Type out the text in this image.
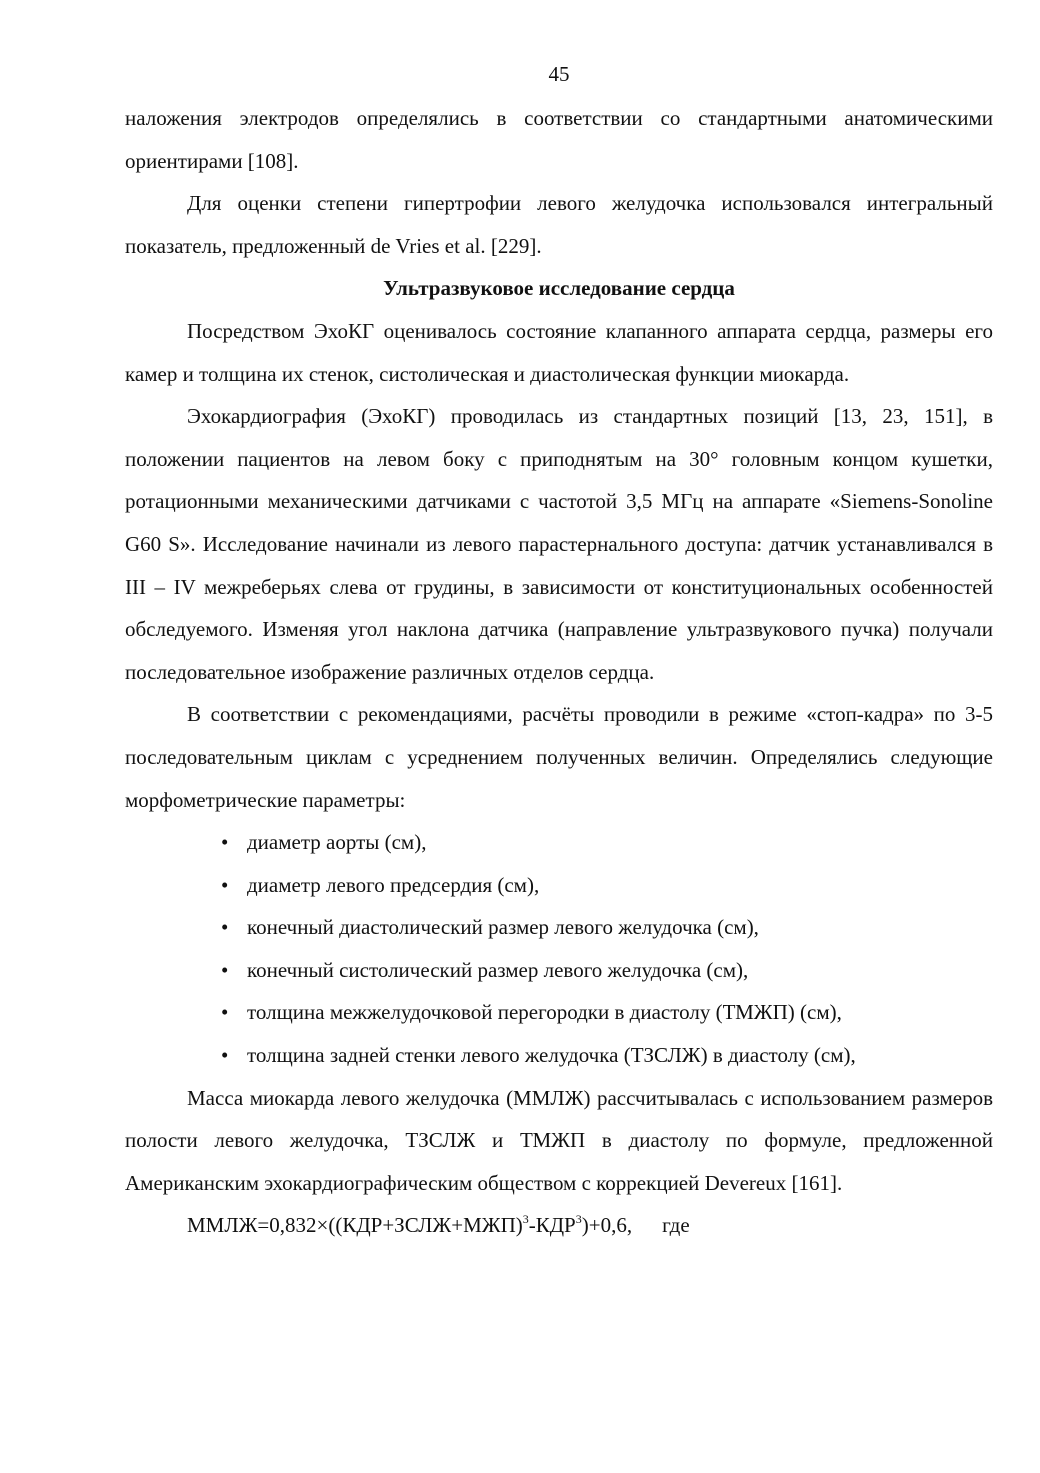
45

наложения электродов определялись в соответствии со стандартными анатомическими ориентирами [108].

Для оценки степени гипертрофии левого желудочка использовался интегральный показатель, предложенный de Vries et al. [229].

Ультразвуковое исследование сердца

Посредством ЭхоКГ оценивалось состояние клапанного аппарата сердца, размеры его камер и толщина их стенок, систолическая и диастолическая функции миокарда.

Эхокардиография (ЭхоКГ) проводилась из стандартных позиций [13, 23, 151], в положении пациентов на левом боку с приподнятым на 30° головным концом кушетки, ротационными механическими датчиками с частотой 3,5 МГц на аппарате «Siemens-Sonoline G60 S». Исследование начинали из левого парастернального доступа: датчик устанавливался в III – IV межреберьях слева от грудины, в зависимости от конституциональных особенностей обследуемого. Изменяя угол наклона датчика (направление ультразвукового пучка) получали последовательное изображение различных отделов сердца.

В соответствии с рекомендациями, расчёты проводили в режиме «стоп-кадра» по 3-5 последовательным циклам с усреднением полученных величин. Определялись следующие морфометрические параметры:

• диаметр аорты (см),
• диаметр левого предсердия (см),
• конечный диастолический размер левого желудочка (см),
• конечный систолический размер левого желудочка (см),
• толщина межжелудочковой перегородки в диастолу (ТМЖП) (см),
• толщина задней стенки левого желудочка (ТЗСЛЖ) в диастолу (см),

Масса миокарда левого желудочка (ММЛЖ) рассчитывалась с использованием размеров полости левого желудочка, ТЗСЛЖ и ТМЖП в диастолу по формуле, предложенной Американским эхокардиографическим обществом с коррекцией Devereux [161].

$ММЛЖ=0,832\times((КДР+ЗСЛЖ+МЖП)^3-КДР^3)+0,6$, где
